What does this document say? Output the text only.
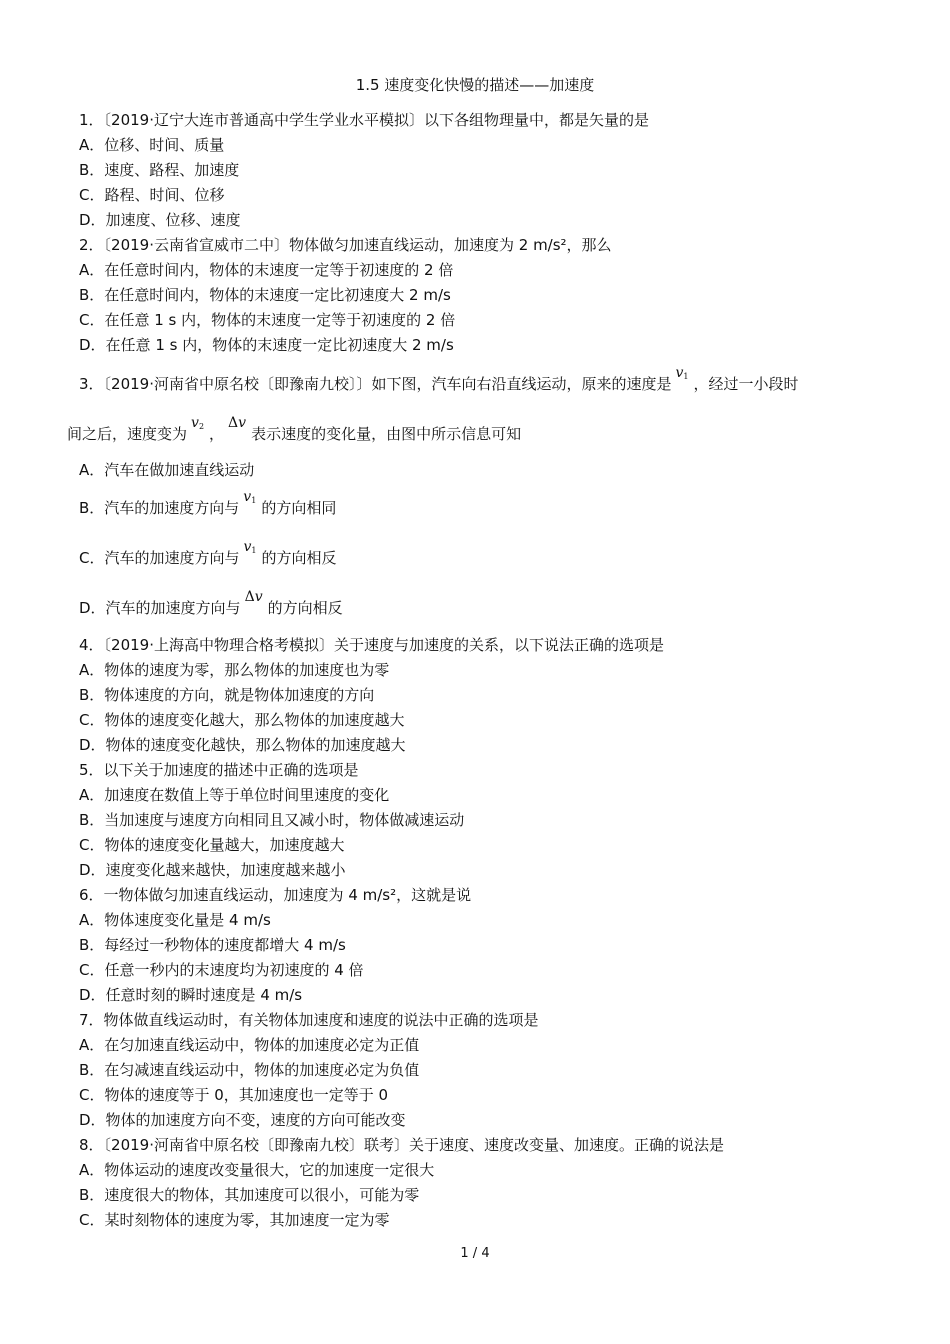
1.5 速度变化快慢的描述——加速度
1．〔2019·辽宁大连市普通高中学生学业水平模拟〕以下各组物理量中，都是矢量的是
A．位移、时间、质量
B．速度、路程、加速度
C．路程、时间、位移
D．加速度、位移、速度
2．〔2019·云南省宣威市二中〕物体做匀加速直线运动，加速度为 2 m/s²，那么
A．在任意时间内，物体的末速度一定等于初速度的 2 倍
B．在任意时间内，物体的末速度一定比初速度大 2 m/s
C．在任意 1 s 内，物体的末速度一定等于初速度的 2 倍
D．在任意 1 s 内，物体的末速度一定比初速度大 2 m/s
3．〔2019·河南省中原名校〔即豫南九校〕〕如下图，汽车向右沿直线运动，原来的速度是$v_1$ ，经过一小段时
间之后，速度变为$v_2$ ，Δv表示速度的变化量，由图中所示信息可知
A．汽车在做加速直线运动
B．汽车的加速度方向与$v_1$ 的方向相同
C．汽车的加速度方向与$v_1$ 的方向相反
D．汽车的加速度方向与Δv的方向相反
4．〔2019·上海高中物理合格考模拟〕关于速度与加速度的关系，以下说法正确的选项是
A．物体的速度为零，那么物体的加速度也为零
B．物体速度的方向，就是物体加速度的方向
C．物体的速度变化越大，那么物体的加速度越大
D．物体的速度变化越快，那么物体的加速度越大
5．以下关于加速度的描述中正确的选项是
A．加速度在数值上等于单位时间里速度的变化
B．当加速度与速度方向相同且又减小时，物体做减速运动
C．物体的速度变化量越大，加速度越大
D．速度变化越来越快，加速度越来越小
6．一物体做匀加速直线运动，加速度为 4 m/s²，这就是说
A．物体速度变化量是 4 m/s
B．每经过一秒物体的速度都增大 4 m/s
C．任意一秒内的末速度均为初速度的 4 倍
D．任意时刻的瞬时速度是 4 m/s
7．物体做直线运动时，有关物体加速度和速度的说法中正确的选项是
A．在匀加速直线运动中，物体的加速度必定为正值
B．在匀减速直线运动中，物体的加速度必定为负值
C．物体的速度等于 0，其加速度也一定等于 0
D．物体的加速度方向不变，速度的方向可能改变
8．〔2019·河南省中原名校〔即豫南九校〕联考〕关于速度、速度改变量、加速度。正确的说法是
A．物体运动的速度改变量很大，它的加速度一定很大
B．速度很大的物体，其加速度可以很小，可能为零
C．某时刻物体的速度为零，其加速度一定为零
1 / 4
